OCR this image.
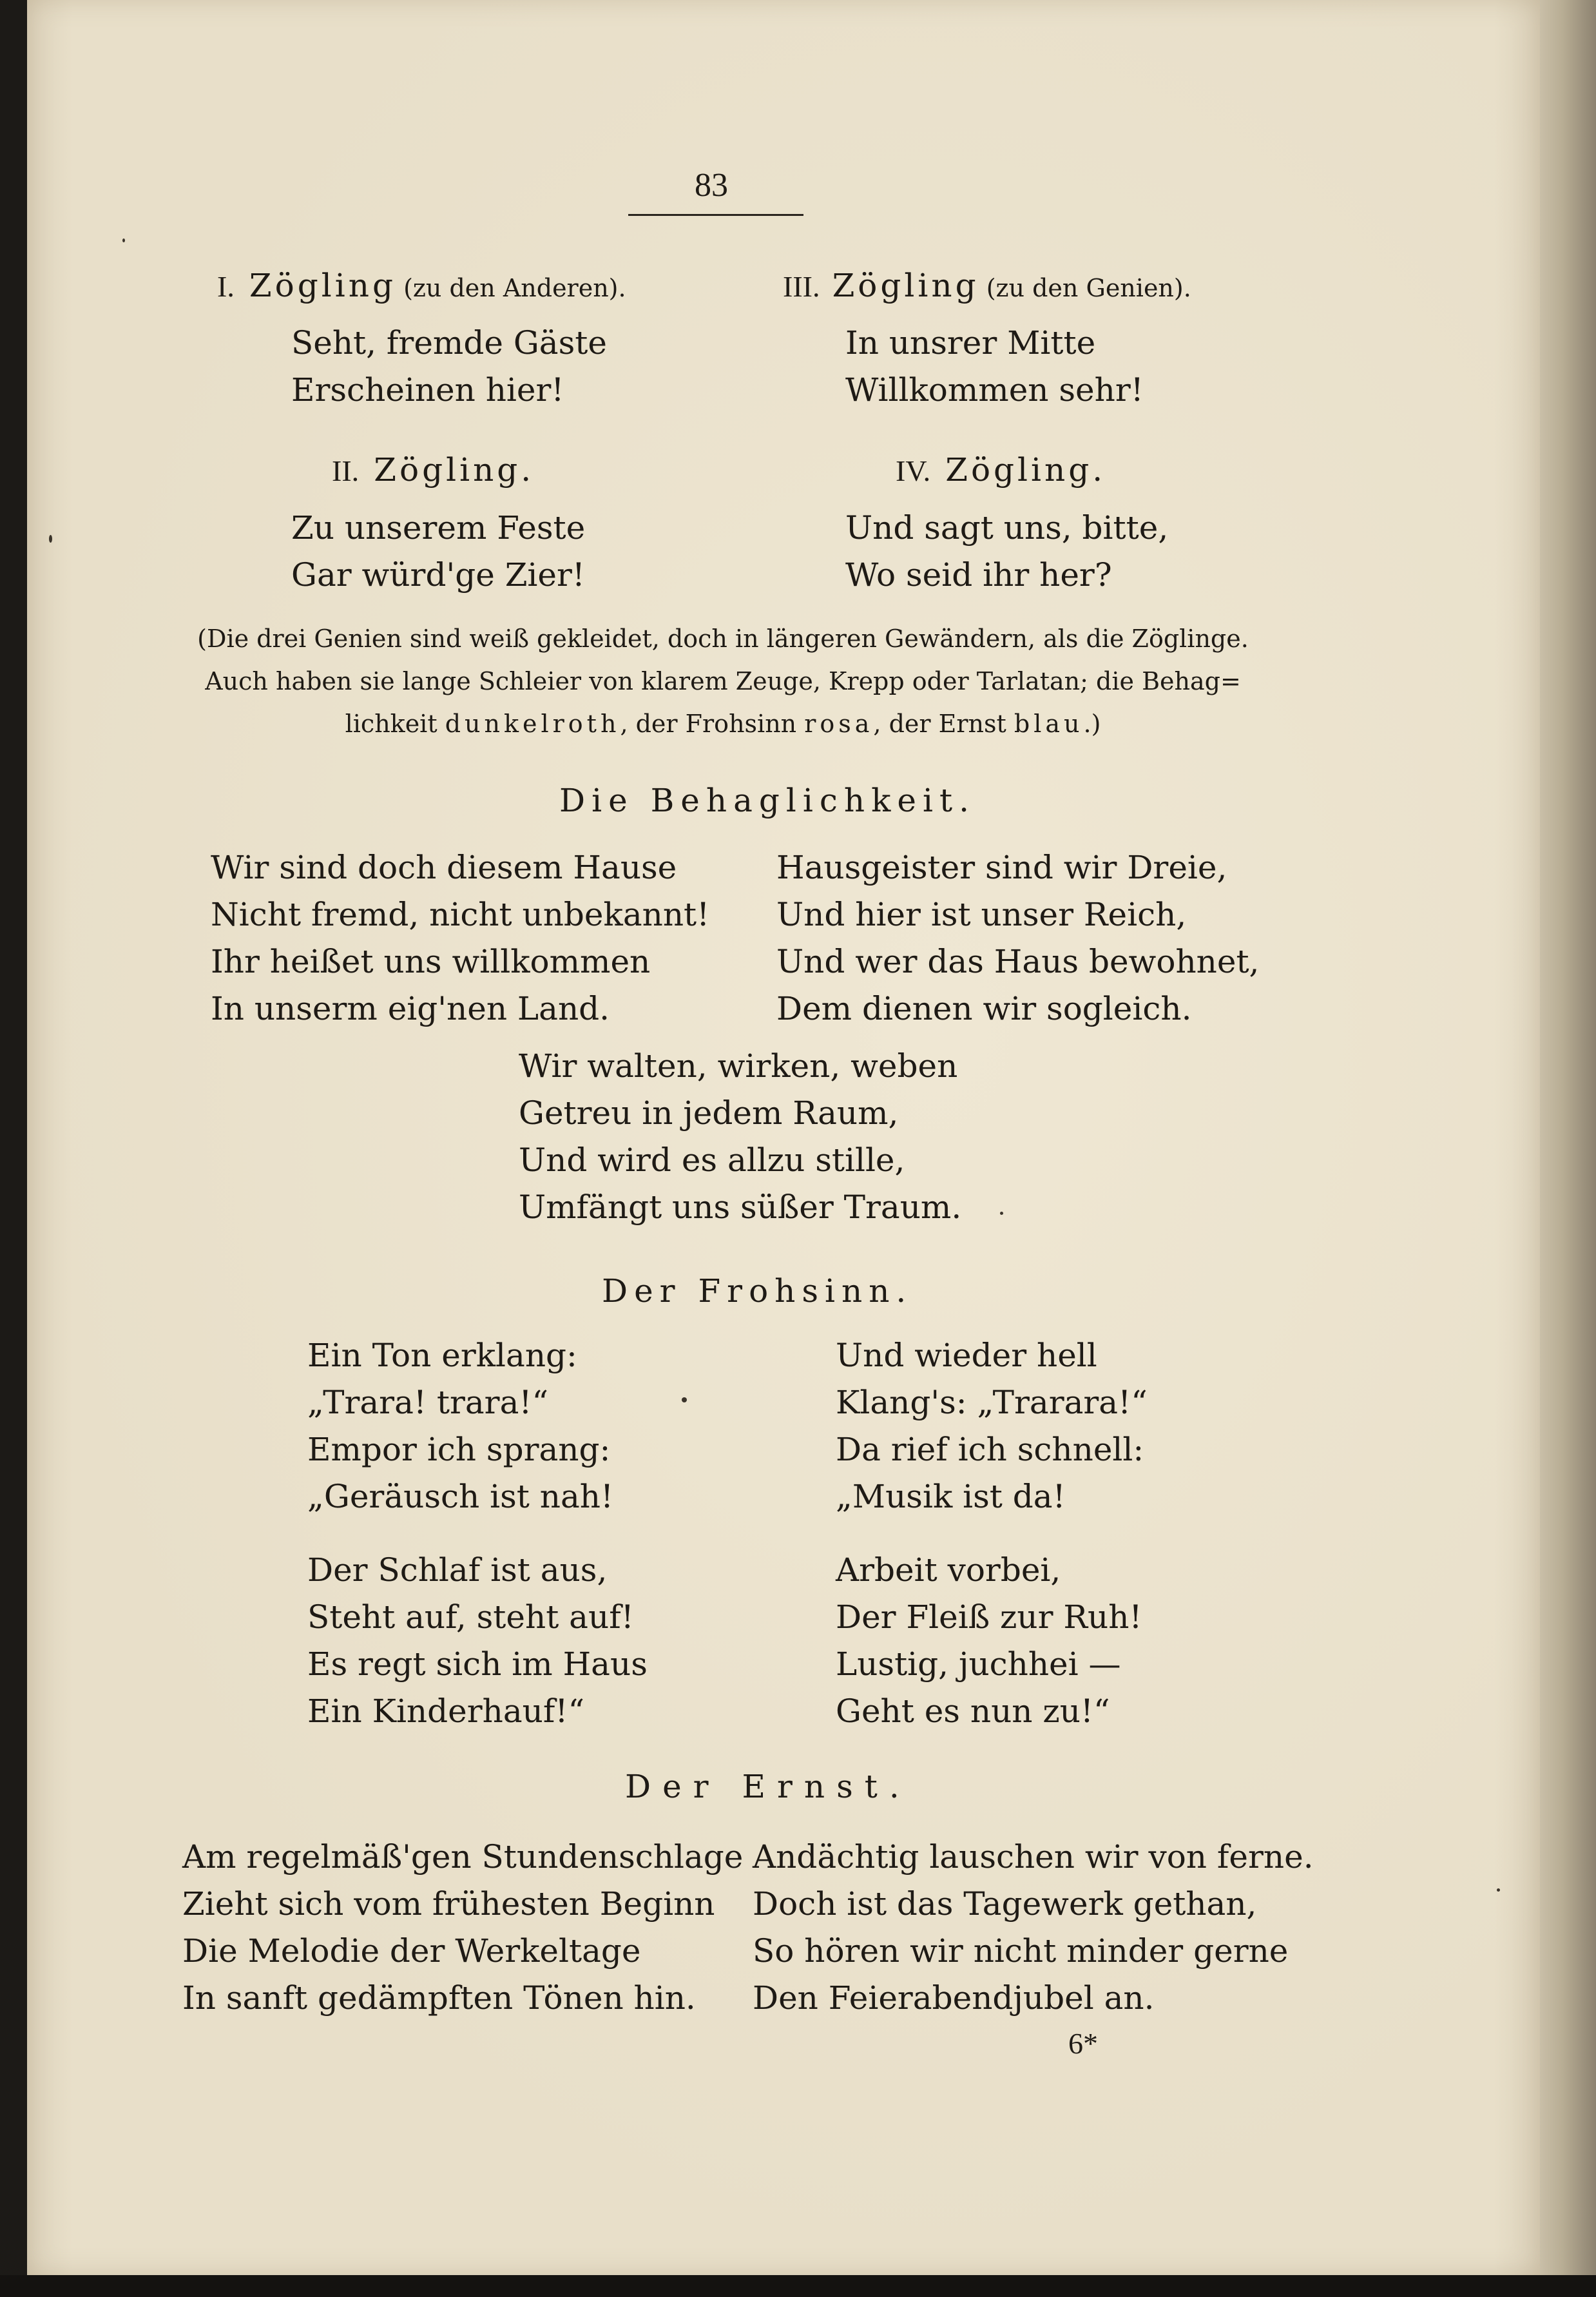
83
I. Zögling (zu den Anderen).
Seht, fremde Gäste
Erscheinen hier!
III. Zögling (zu den Genien).
In unsrer Mitte
Willkommen sehr!
II. Zögling.
Zu unserem Feste
Gar würd'ge Zier!
IV. Zögling.
Und sagt uns, bitte,
Wo seid ihr her?
(Die drei Genien sind weiß gekleidet, doch in längeren Gewändern, als die Zöglinge.
Auch haben sie lange Schleier von klarem Zeuge, Krepp oder Tarlatan; die Behag=
lichkeit dunkelroth, der Frohsinn rosa, der Ernst blau.)
Die Behaglichkeit.
Wir sind doch diesem Hause
Nicht fremd, nicht unbekannt!
Ihr heißet uns willkommen
In unserm eig'nen Land.
Hausgeister sind wir Dreie,
Und hier ist unser Reich,
Und wer das Haus bewohnet,
Dem dienen wir sogleich.
Wir walten, wirken, weben
Getreu in jedem Raum,
Und wird es allzu stille,
Umfängt uns süßer Traum.
Der Frohsinn.
Ein Ton erklang:
„Trara! trara!“
Empor ich sprang:
„Geräusch ist nah!
Und wieder hell
Klang's: „Trarara!“
Da rief ich schnell:
„Musik ist da!
Der Schlaf ist aus,
Steht auf, steht auf!
Es regt sich im Haus
Ein Kinderhauf!“
Arbeit vorbei,
Der Fleiß zur Ruh!
Lustig, juchhei —
Geht es nun zu!“
Der Ernst.
Am regelmäß'gen Stundenschlage
Zieht sich vom frühesten Beginn
Die Melodie der Werkeltage
In sanft gedämpften Tönen hin.
Andächtig lauschen wir von ferne.
Doch ist das Tagewerk gethan,
So hören wir nicht minder gerne
Den Feierabendjubel an.
6*
